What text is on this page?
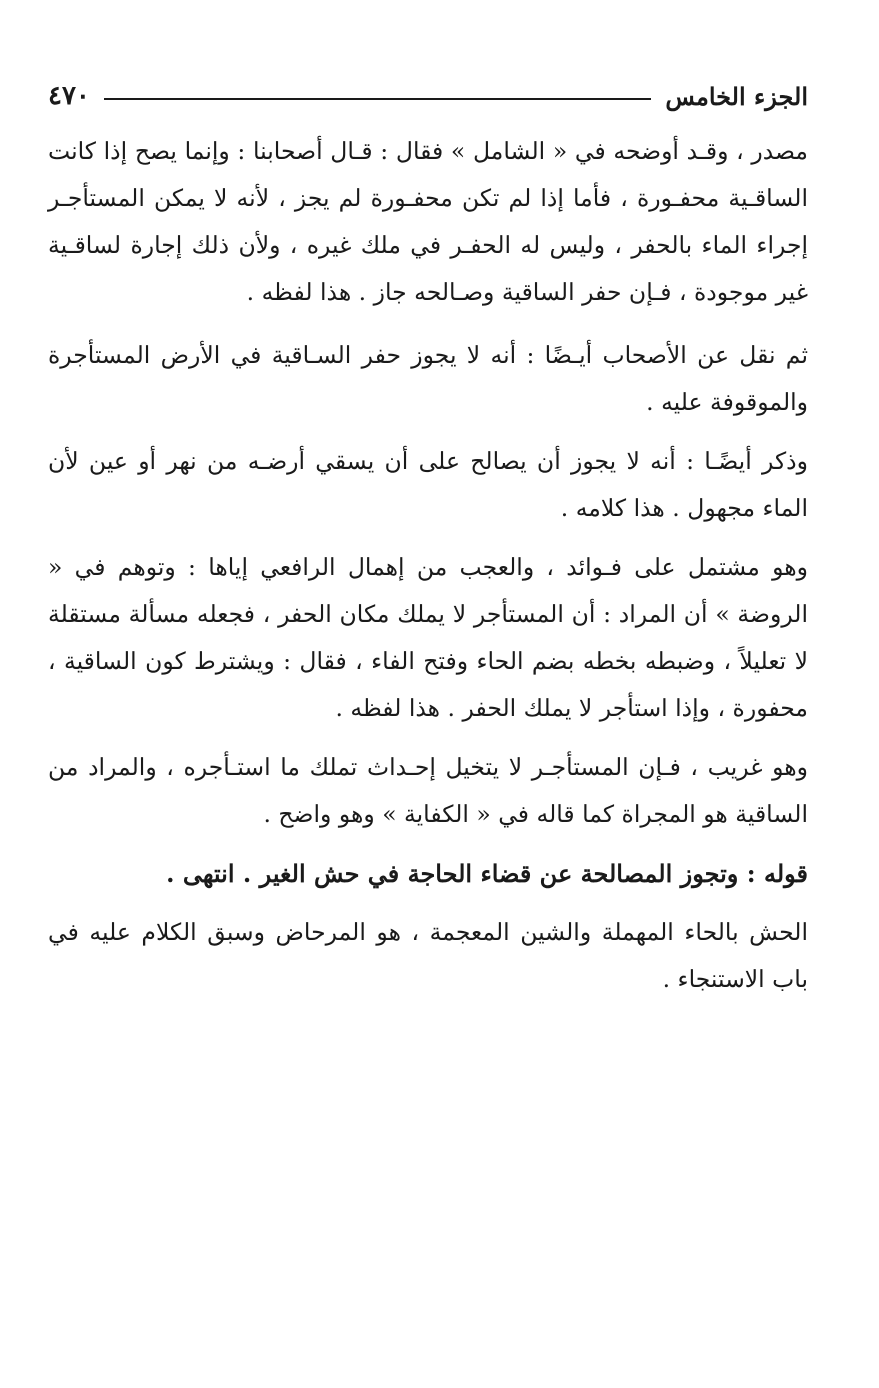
الجزء الخامس
٤٧٠

مصدر ، وقـد أوضحه في « الشامل » فقال : قـال أصحابنا : وإنما يصح إذا كانت الساقـية محفـورة ، فأما إذا لم تكن محفـورة لم يجز ، لأنه لا يمكن المستأجـر إجراء الماء بالحفر ، وليس له الحفـر في ملك غيره ، ولأن ذلك إجارة لساقـية غير موجودة ، فـإن حفر الساقية وصـالحه جاز . هذا لفظه .

ثم نقل عن الأصحاب أيـضًا : أنه لا يجوز حفر السـاقية في الأرض المستأجرة والموقوفة عليه .

وذكر أيضًـا : أنه لا يجوز أن يصالح على أن يسقي أرضـه من نهر أو عين لأن الماء مجهول . هذا كلامه .

وهو مشتمل على فـوائد ، والعجب من إهمال الرافعي إياها : وتوهم في « الروضة » أن المراد : أن المستأجر لا يملك مكان الحفر ، فجعله مسألة مستقلة لا تعليلاً ، وضبطه بخطه بضم الحاء وفتح الفاء ، فقال : ويشترط كون الساقية ، محفورة ، وإذا استأجر لا يملك الحفر . هذا لفظه .

وهو غريب ، فـإن المستأجـر لا يتخيل إحـداث تملك ما استـأجره ، والمراد من الساقية هو المجراة كما قاله في « الكفاية » وهو واضح .

قوله : وتجوز المصالحة عن قضاء الحاجة في حش الغير . انتهى .

الحش بالحاء المهملة والشين المعجمة ، هو المرحاض وسبق الكلام عليه في باب الاستنجاء .
